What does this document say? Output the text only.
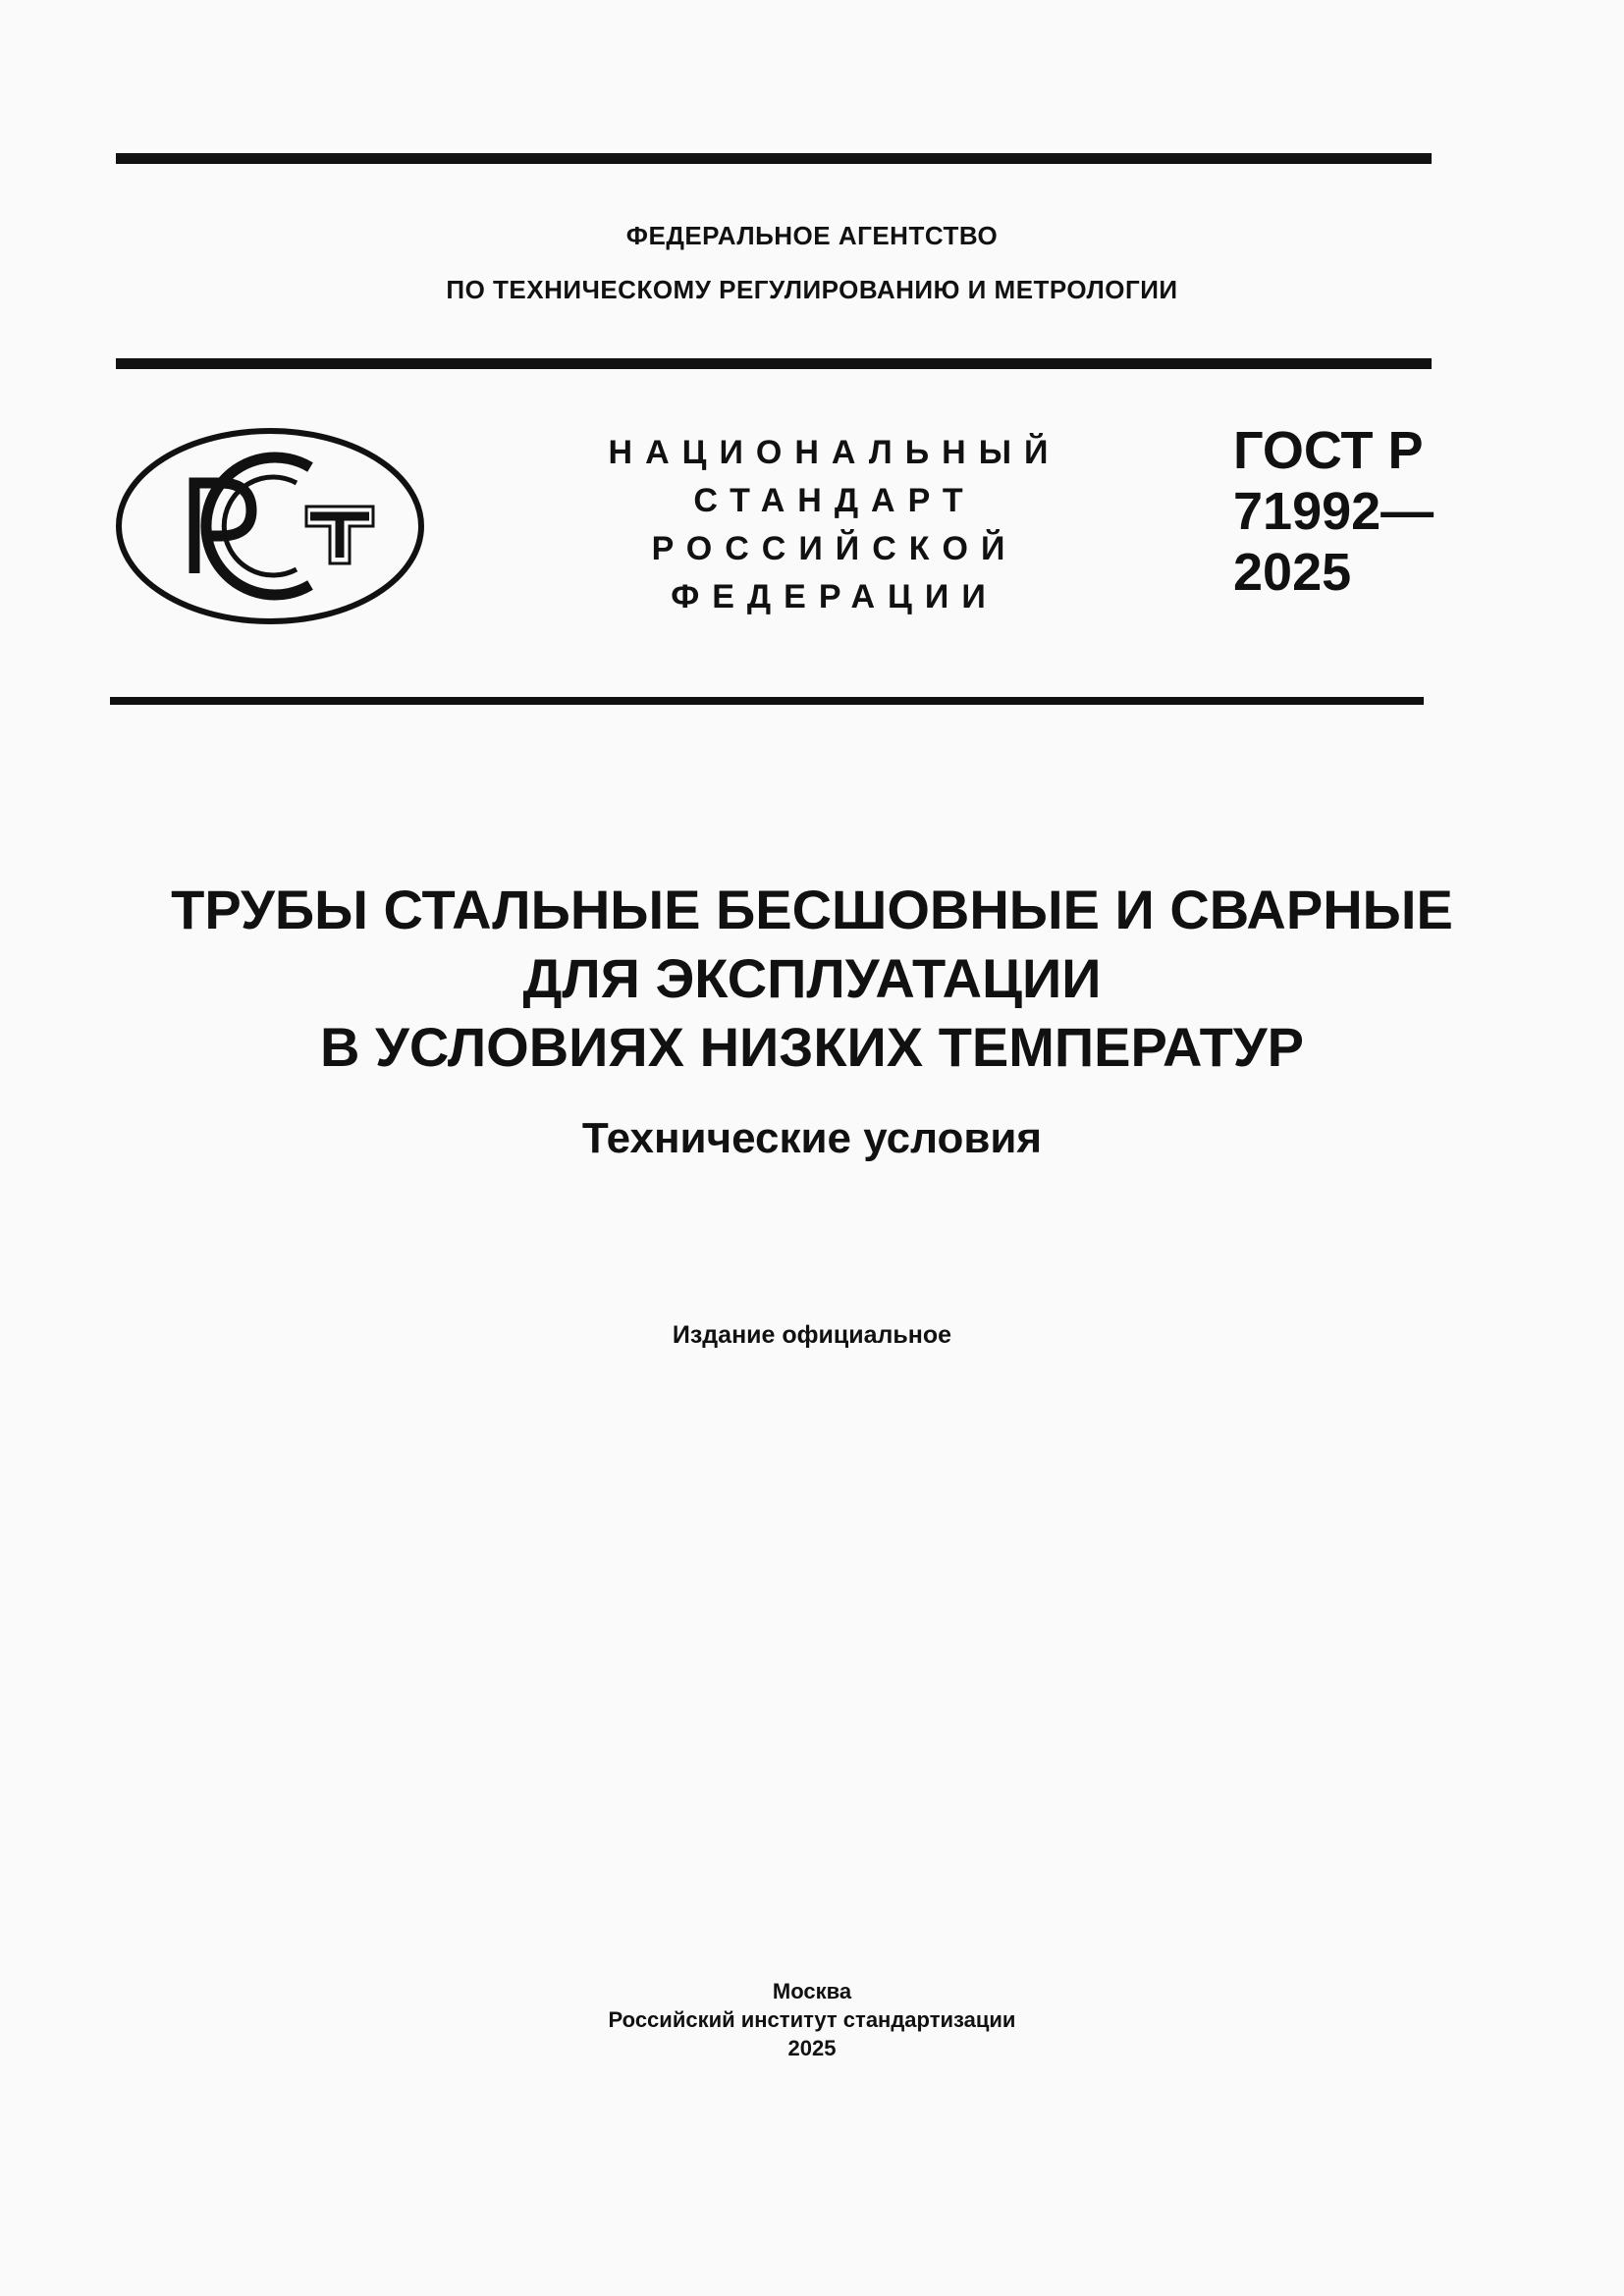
ФЕДЕРАЛЬНОЕ АГЕНТСТВО
ПО ТЕХНИЧЕСКОМУ РЕГУЛИРОВАНИЮ И МЕТРОЛОГИИ
НАЦИОНАЛЬНЫЙ
СТАНДАРТ
РОССИЙСКОЙ
ФЕДЕРАЦИИ
ГОСТ Р
71992—
2025
ТРУБЫ СТАЛЬНЫЕ БЕСШОВНЫЕ И СВАРНЫЕ
ДЛЯ ЭКСПЛУАТАЦИИ
В УСЛОВИЯХ НИЗКИХ ТЕМПЕРАТУР
Технические условия
Издание официальное
Москва
Российский институт стандартизации
2025
